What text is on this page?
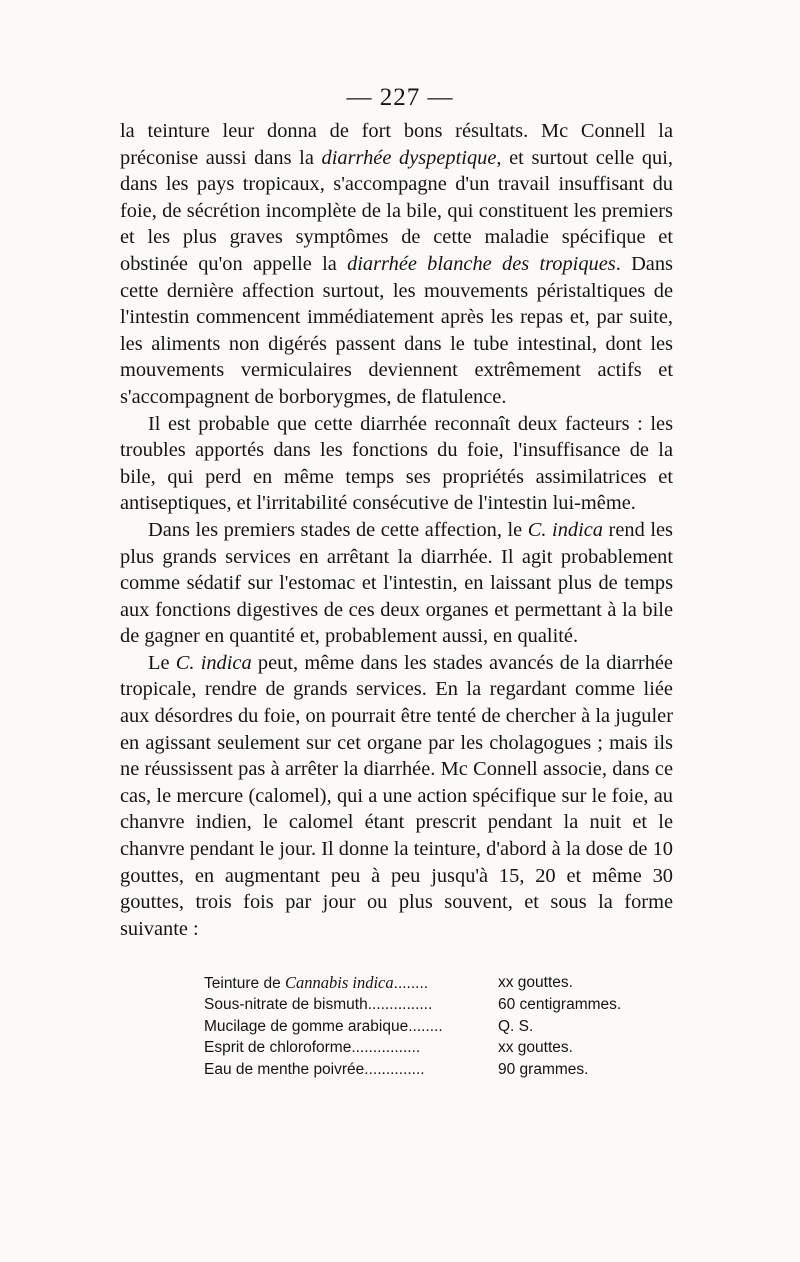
— 227 —

la teinture leur donna de fort bons résultats. Mc Connell la préconise aussi dans la diarrhée dyspeptique, et surtout celle qui, dans les pays tropicaux, s'accompagne d'un travail insuffisant du foie, de sécrétion incomplète de la bile, qui constituent les premiers et les plus graves symptômes de cette maladie spécifique et obstinée qu'on appelle la diarrhée blanche des tropiques. Dans cette dernière affection surtout, les mouvements péristaltiques de l'intestin commencent immédiatement après les repas et, par suite, les aliments non digérés passent dans le tube intestinal, dont les mouvements vermiculaires deviennent extrêmement actifs et s'accompagnent de borborygmes, de flatulence.

Il est probable que cette diarrhée reconnaît deux facteurs : les troubles apportés dans les fonctions du foie, l'insuffisance de la bile, qui perd en même temps ses propriétés assimilatrices et antiseptiques, et l'irritabilité consécutive de l'intestin lui-même.

Dans les premiers stades de cette affection, le C. indica rend les plus grands services en arrêtant la diarrhée. Il agit probablement comme sédatif sur l'estomac et l'intestin, en laissant plus de temps aux fonctions digestives de ces deux organes et permettant à la bile de gagner en quantité et, probablement aussi, en qualité.

Le C. indica peut, même dans les stades avancés de la diarrhée tropicale, rendre de grands services. En la regardant comme liée aux désordres du foie, on pourrait être tenté de chercher à la juguler en agissant seulement sur cet organe par les cholagogues ; mais ils ne réussissent pas à arrêter la diarrhée. Mc Connell associe, dans ce cas, le mercure (calomel), qui a une action spécifique sur le foie, au chanvre indien, le calomel étant prescrit pendant la nuit et le chanvre pendant le jour. Il donne la teinture, d'abord à la dose de 10 gouttes, en augmentant peu à peu jusqu'à 15, 20 et même 30 gouttes, trois fois par jour ou plus souvent, et sous la forme suivante :

Teinture de Cannabis indica........	xx gouttes.
Sous-nitrate de bismuth...............	60 centigrammes.
Mucilage de gomme arabique........	Q. S.
Esprit de chloroforme................	xx gouttes.
Eau de menthe poivrée..............	90 grammes.
